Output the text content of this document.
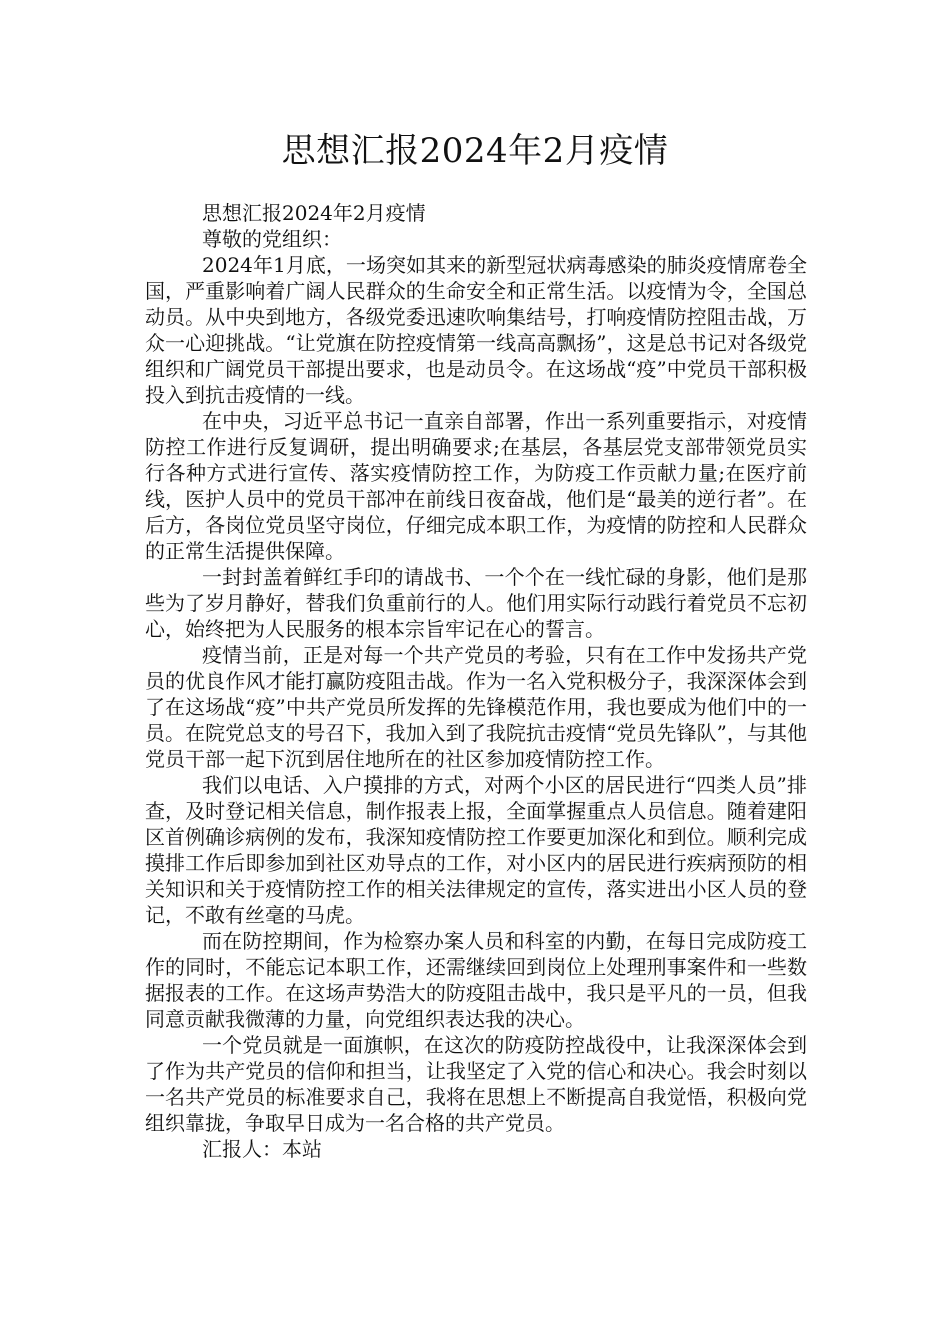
思想汇报2024年2月疫情

思想汇报2024年2月疫情

尊敬的党组织：

2024年1月底，一场突如其来的新型冠状病毒感染的肺炎疫情席卷全国，严重影响着广阔人民群众的生命安全和正常生活。以疫情为令，全国总动员。从中央到地方，各级党委迅速吹响集结号，打响疫情防控阻击战，万众一心迎挑战。“让党旗在防控疫情第一线高高飘扬”，这是总书记对各级党组织和广阔党员干部提出要求，也是动员令。在这场战“疫”中党员干部积极投入到抗击疫情的一线。

在中央，习近平总书记一直亲自部署，作出一系列重要指示，对疫情防控工作进行反复调研，提出明确要求;在基层，各基层党支部带领党员实行各种方式进行宣传、落实疫情防控工作，为防疫工作贡献力量;在医疗前线，医护人员中的党员干部冲在前线日夜奋战，他们是“最美的逆行者”。在后方，各岗位党员坚守岗位，仔细完成本职工作，为疫情的防控和人民群众的正常生活提供保障。

一封封盖着鲜红手印的请战书、一个个在一线忙碌的身影，他们是那些为了岁月静好，替我们负重前行的人。他们用实际行动践行着党员不忘初心，始终把为人民服务的根本宗旨牢记在心的誓言。

疫情当前，正是对每一个共产党员的考验，只有在工作中发扬共产党员的优良作风才能打赢防疫阻击战。作为一名入党积极分子，我深深体会到了在这场战“疫”中共产党员所发挥的先锋模范作用，我也要成为他们中的一员。在院党总支的号召下，我加入到了我院抗击疫情“党员先锋队”，与其他党员干部一起下沉到居住地所在的社区参加疫情防控工作。

我们以电话、入户摸排的方式，对两个小区的居民进行“四类人员”排查，及时登记相关信息，制作报表上报，全面掌握重点人员信息。随着建阳区首例确诊病例的发布，我深知疫情防控工作要更加深化和到位。顺利完成摸排工作后即参加到社区劝导点的工作，对小区内的居民进行疾病预防的相关知识和关于疫情防控工作的相关法律规定的宣传，落实进出小区人员的登记，不敢有丝毫的马虎。

而在防控期间，作为检察办案人员和科室的内勤，在每日完成防疫工作的同时，不能忘记本职工作，还需继续回到岗位上处理刑事案件和一些数据报表的工作。在这场声势浩大的防疫阻击战中，我只是平凡的一员，但我同意贡献我微薄的力量，向党组织表达我的决心。

一个党员就是一面旗帜，在这次的防疫防控战役中，让我深深体会到了作为共产党员的信仰和担当，让我坚定了入党的信心和决心。我会时刻以一名共产党员的标准要求自己，我将在思想上不断提高自我觉悟，积极向党组织靠拢，争取早日成为一名合格的共产党员。

汇报人：本站
